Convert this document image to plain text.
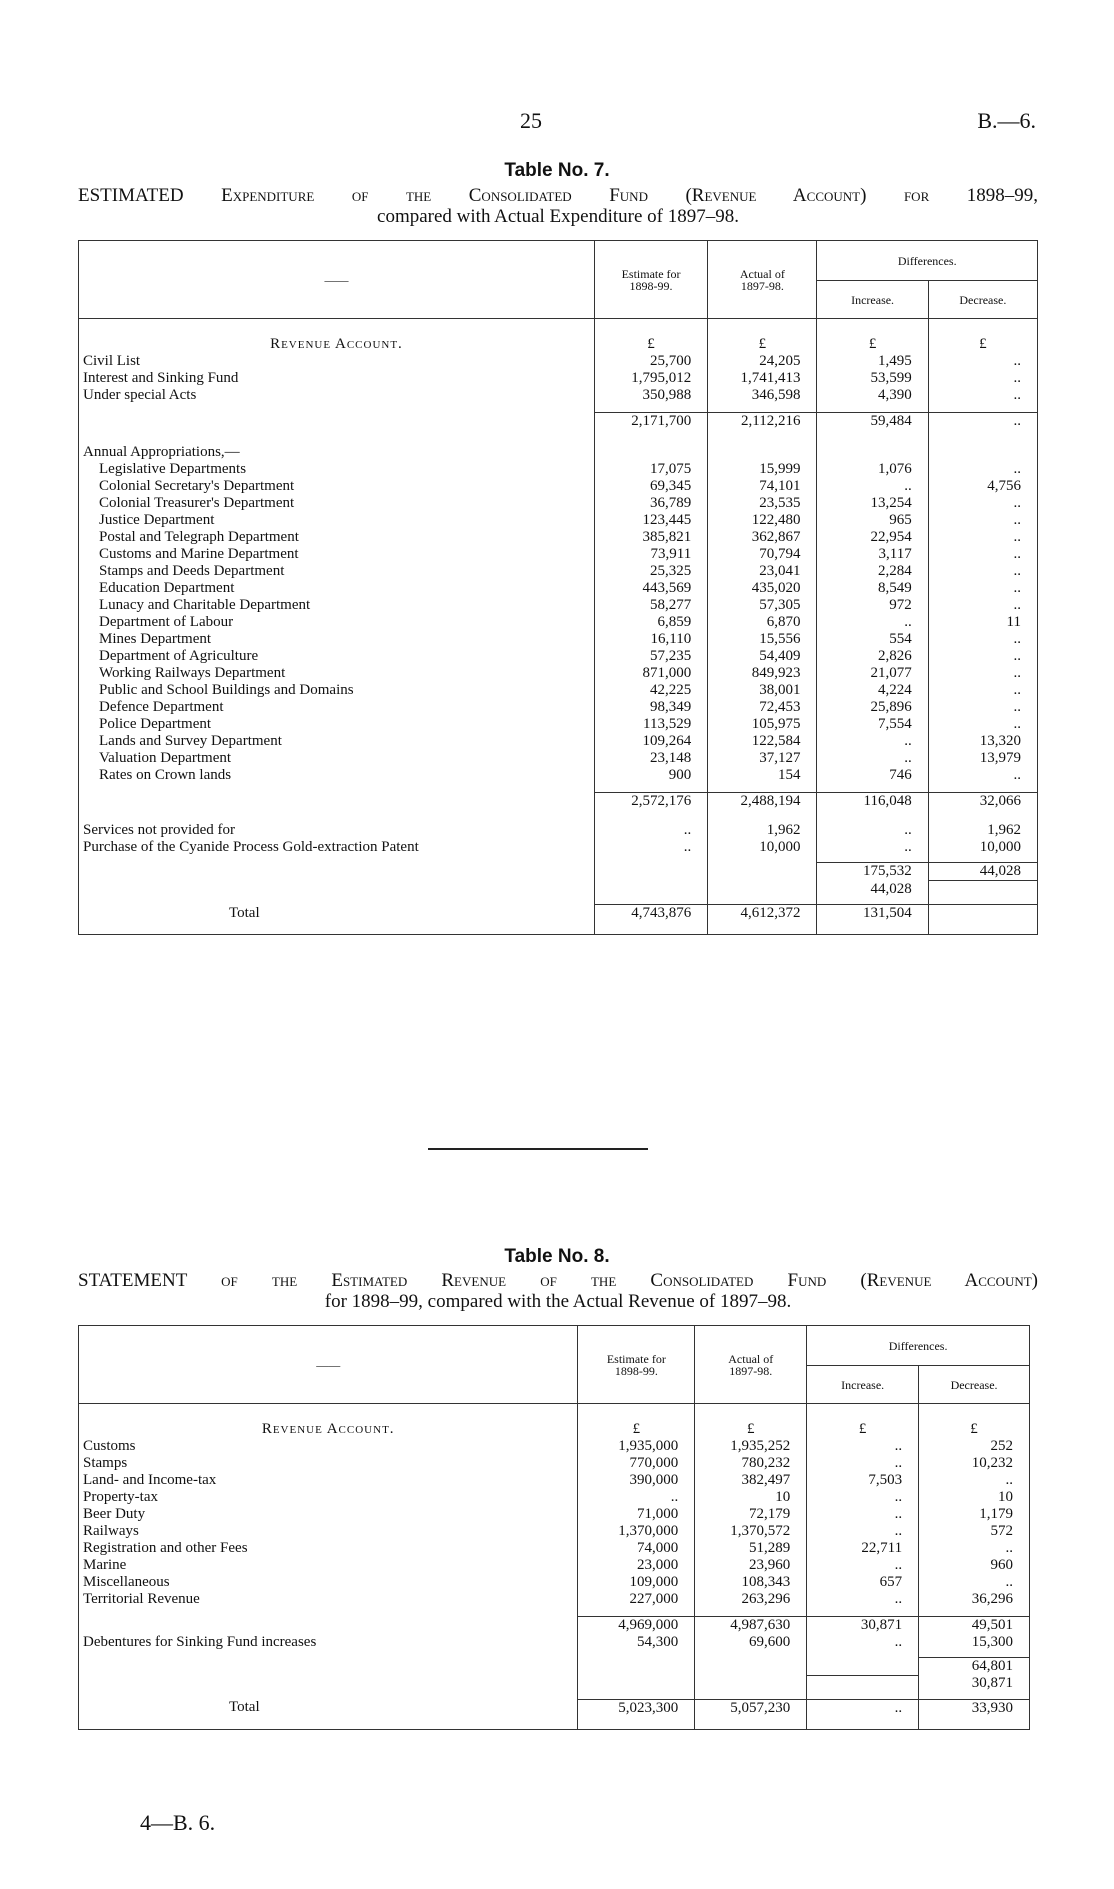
25	B.—6.
Table No. 7.
ESTIMATED Expenditure of the Consolidated Fund (Revenue Account) for 1898–99,
compared with Actual Expenditure of 1897–98.
——	Estimate for 1898-99.	Actual of 1897-98.	Differences.	
			Increase.	Decrease.

Revenue Account.	£	£	£	£
Civil List	25,700	24,205	1,495	..
Interest and Sinking Fund	1,795,012	1,741,413	53,599	..
Under special Acts	350,988	346,598	4,390	..

	2,171,700	2,112,216	59,484	..

Annual Appropriations,—				
Legislative Departments	17,075	15,999	1,076	..
Colonial Secretary's Department	69,345	74,101	..	4,756
Colonial Treasurer's Department	36,789	23,535	13,254	..
Justice Department	123,445	122,480	965	..
Postal and Telegraph Department	385,821	362,867	22,954	..
Customs and Marine Department	73,911	70,794	3,117	..
Stamps and Deeds Department	25,325	23,041	2,284	..
Education Department	443,569	435,020	8,549	..
Lunacy and Charitable Department	58,277	57,305	972	..
Department of Labour	6,859	6,870	..	11
Mines Department	16,110	15,556	554	..
Department of Agriculture	57,235	54,409	2,826	..
Working Railways Department	871,000	849,923	21,077	..
Public and School Buildings and Domains	42,225	38,001	4,224	..
Defence Department	98,349	72,453	25,896	..
Police Department	113,529	105,975	7,554	..
Lands and Survey Department	109,264	122,584	..	13,320
Valuation Department	23,148	37,127	..	13,979
Rates on Crown lands	900	154	746	..

	2,572,176	2,488,194	116,048	32,066

Services not provided for	..	1,962	..	1,962
Purchase of the Cyanide Process Gold-extraction Patent	..	10,000	..	10,000

			175,532	44,028
			44,028	

Total	4,743,876	4,612,372	131,504	
Table No. 8.
STATEMENT of the Estimated Revenue of the Consolidated Fund (Revenue Account)
for 1898–99, compared with the Actual Revenue of 1897–98.
——	Estimate for 1898-99.	Actual of 1897-98.	Differences.	
			Increase.	Decrease.

Revenue Account.	£	£	£	£
Customs	1,935,000	1,935,252	..	252
Stamps	770,000	780,232	..	10,232
Land- and Income-tax	390,000	382,497	7,503	..
Property-tax	..	10	..	10
Beer Duty	71,000	72,179	..	1,179
Railways	1,370,000	1,370,572	..	572
Registration and other Fees	74,000	51,289	22,711	..
Marine	23,000	23,960	..	960
Miscellaneous	109,000	108,343	657	..
Territorial Revenue	227,000	263,296	..	36,296

	4,969,000	4,987,630	30,871	49,501
Debentures for Sinking Fund increases	54,300	69,600	..	15,300

				64,801
				30,871

Total	5,023,300	5,057,230	..	33,930
4—B. 6.
